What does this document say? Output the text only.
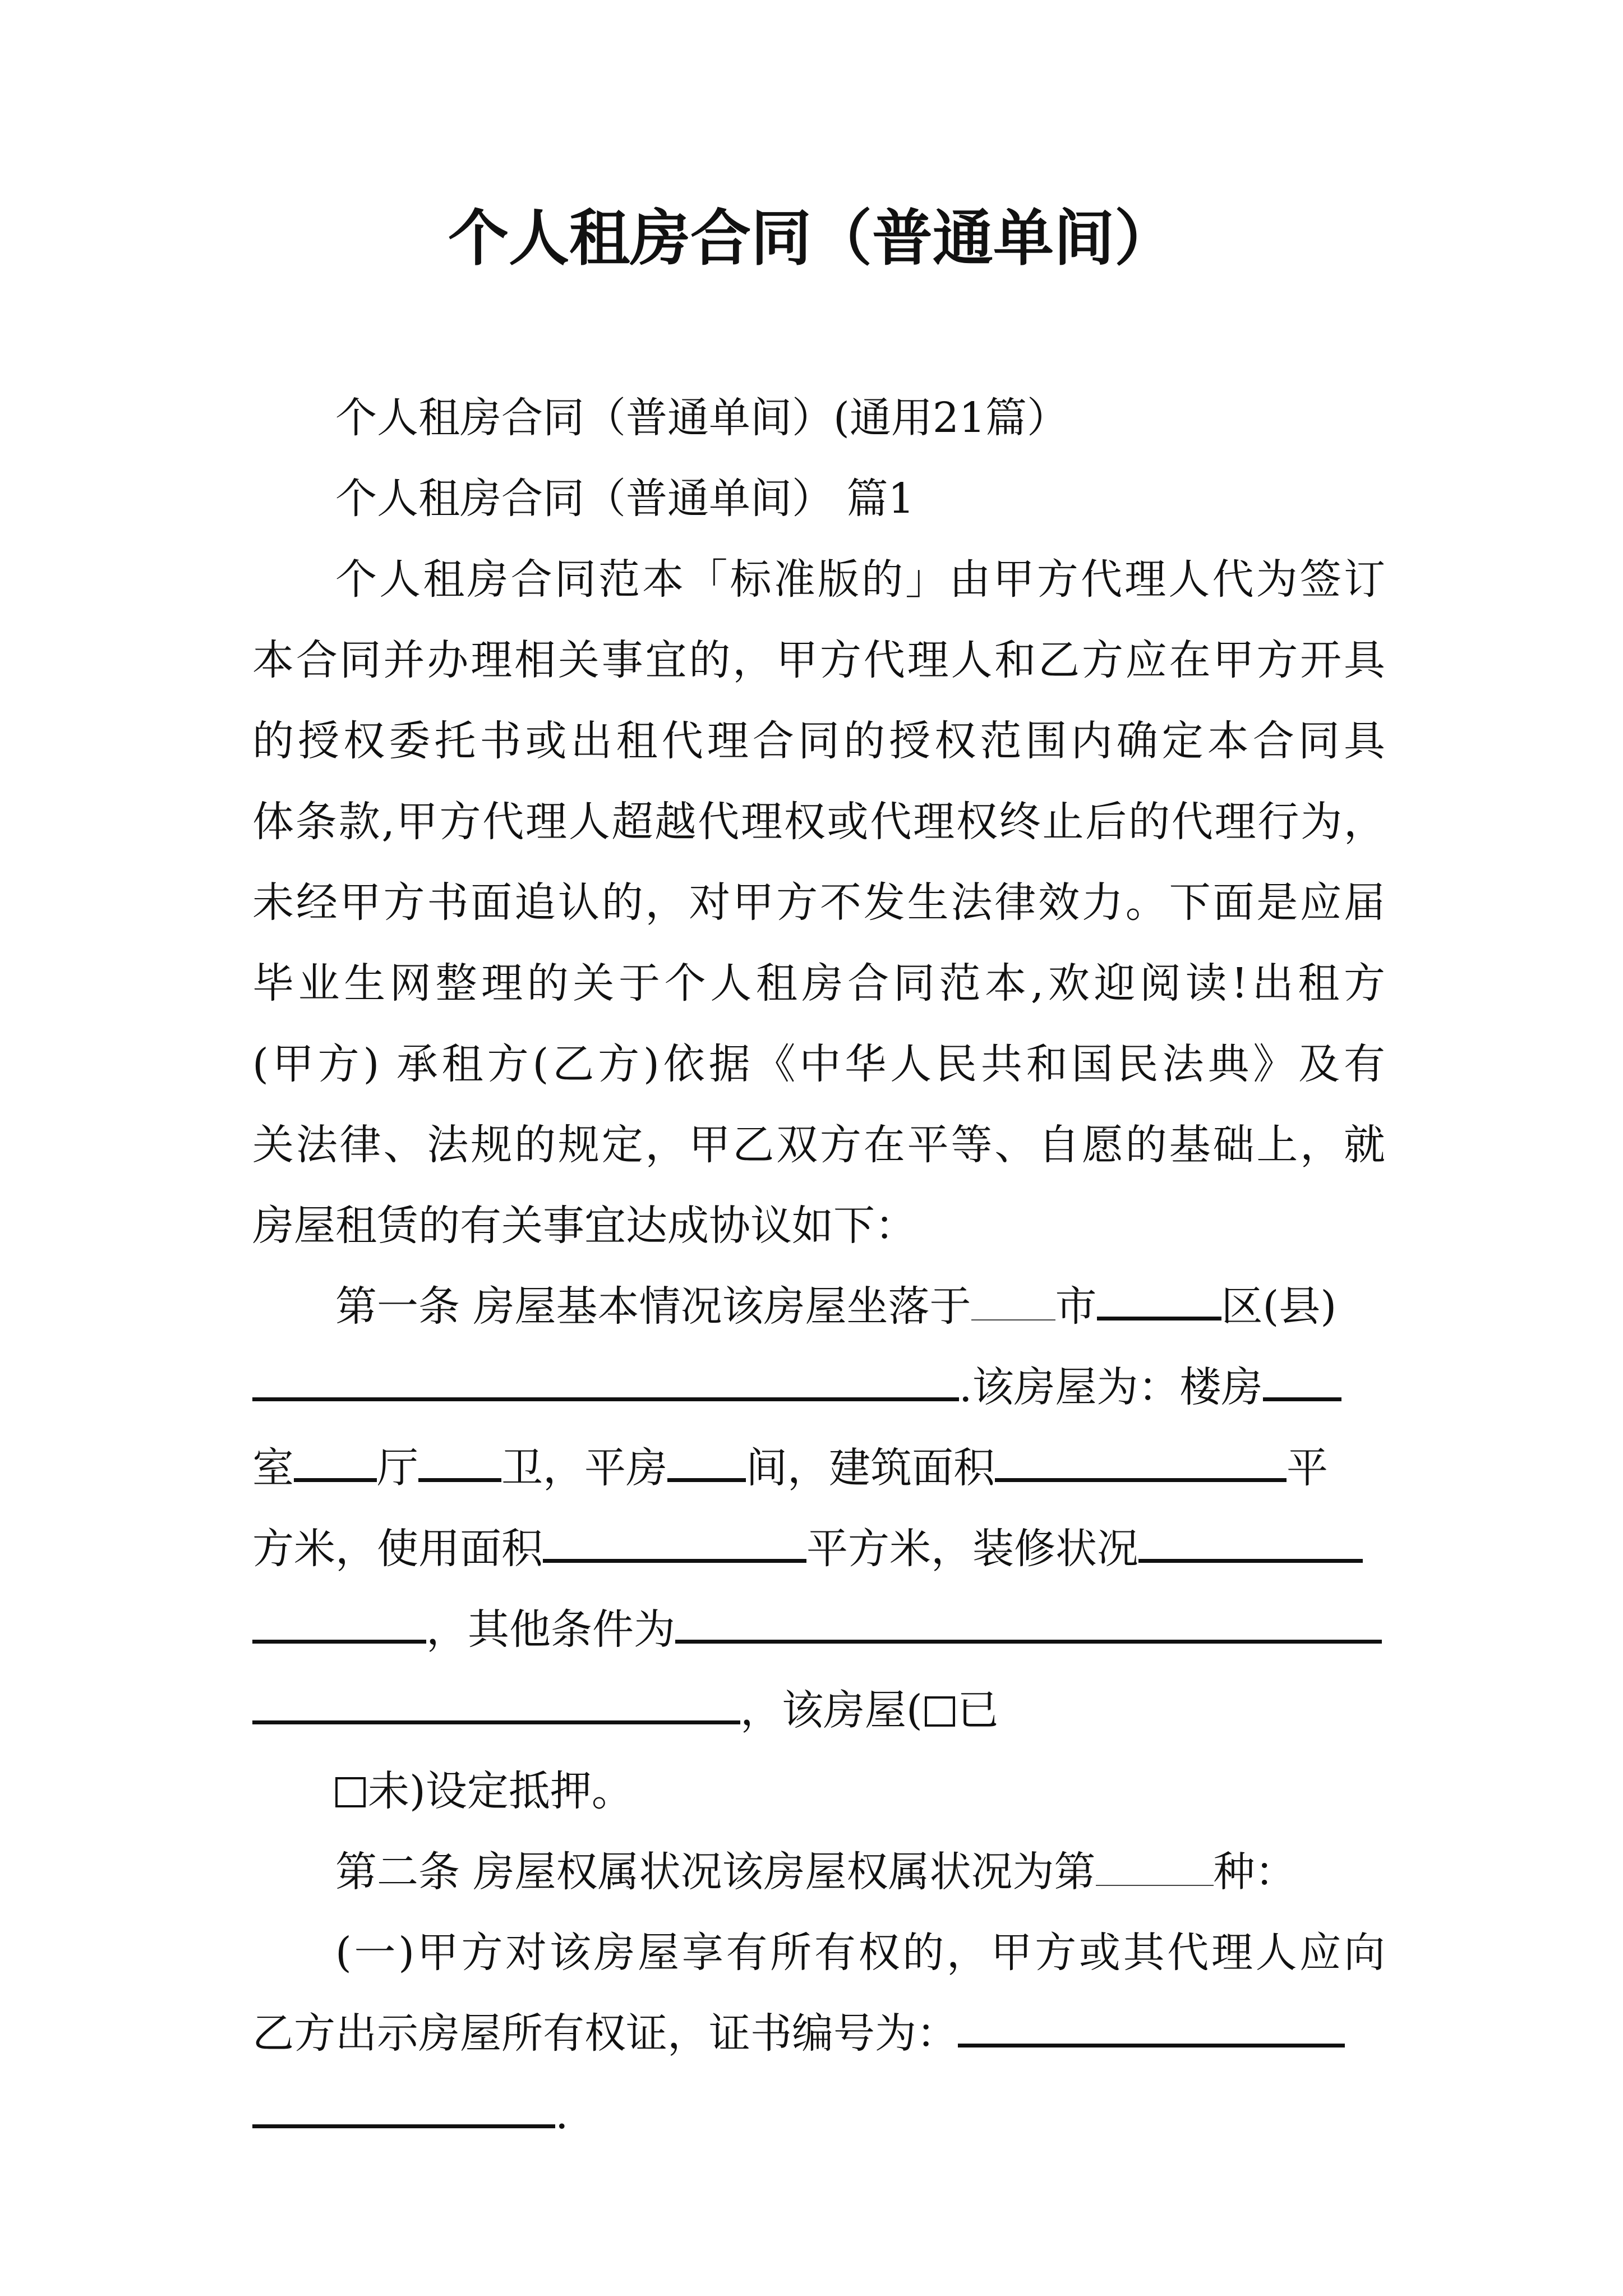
个人租房合同（普通单间）
个人租房合同（普通单间）(通用21篇）
个人租房合同（普通单间） 篇1
个人租房合同范本「标准版的」由甲方代理人代为签订
本合同并办理相关事宜的，甲方代理人和乙方应在甲方开具
的授权委托书或出租代理合同的授权范围内确定本合同具
体条款,甲方代理人超越代理权或代理权终止后的代理行为，
未经甲方书面追认的，对甲方不发生法律效力。下面是应届
毕业生网整理的关于个人租房合同范本,欢迎阅读!出租方
(甲方) 承租方(乙方)依据《中华人民共和国民法典》及有
关法律、法规的规定，甲乙双方在平等、自愿的基础上，就
房屋租赁的有关事宜达成协议如下：
第一条 房屋基本情况该房屋坐落于 市	区(县)
.该房屋为：楼房
室 厅 卫，平房 间，建筑面积	平
方米，使用面积	平方米，装修状况
，其他条件为
，该房屋( 已
未)设定抵押。
第二条 房屋权属状况该房屋权属状况为第	种：
(一)甲方对该房屋享有所有权的，甲方或其代理人应向
乙方出示房屋所有权证，证书编号为：
.
